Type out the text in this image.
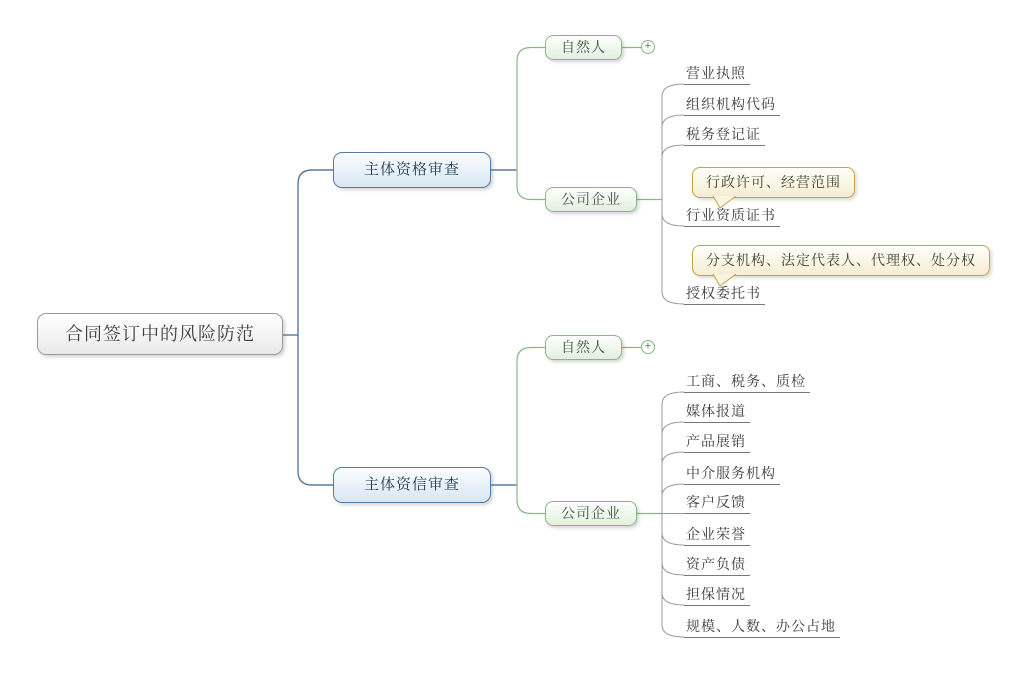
合同签订中的风险防范
主体资格审查
主体资信审查
自然人
公司企业
自然人
公司企业
+
+
营业执照
组织机构代码
税务登记证
行业资质证书
授权委托书
行政许可、经营范围
分支机构、法定代表人、代理权、处分权
工商、税务、质检
媒体报道
产品展销
中介服务机构
客户反馈
企业荣誉
资产负债
担保情况
规模、人数、办公占地
